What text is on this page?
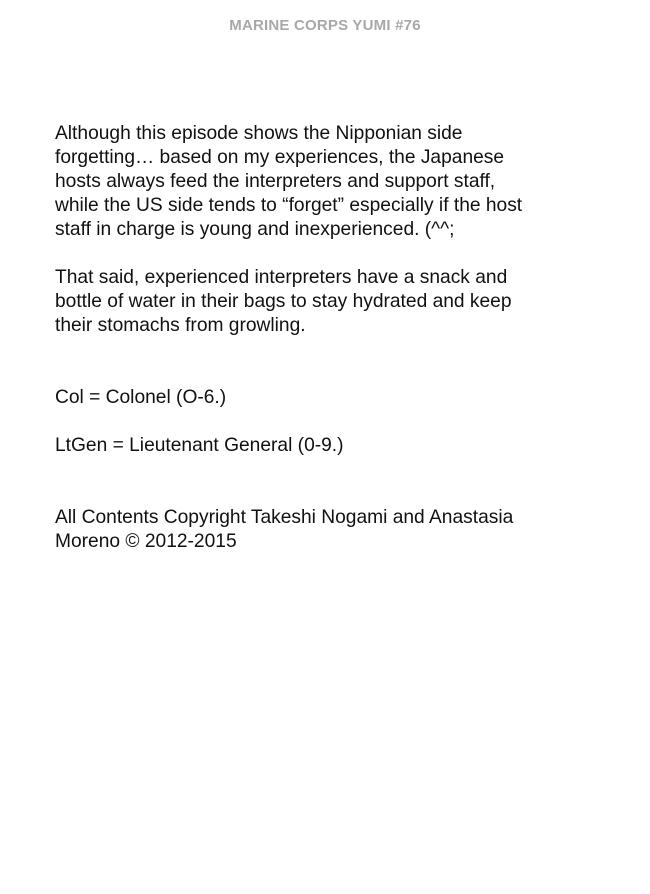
MARINE CORPS YUMI #76

Although this episode shows the Nipponian side
forgetting… based on my experiences, the Japanese
hosts always feed the interpreters and support staff,
while the US side tends to “forget” especially if the host
staff in charge is young and inexperienced. (^^;

That said, experienced interpreters have a snack and
bottle of water in their bags to stay hydrated and keep
their stomachs from growling.

Col = Colonel (O-6.)

LtGen = Lieutenant General (0-9.)

All Contents Copyright Takeshi Nogami and Anastasia
Moreno © 2012-2015
